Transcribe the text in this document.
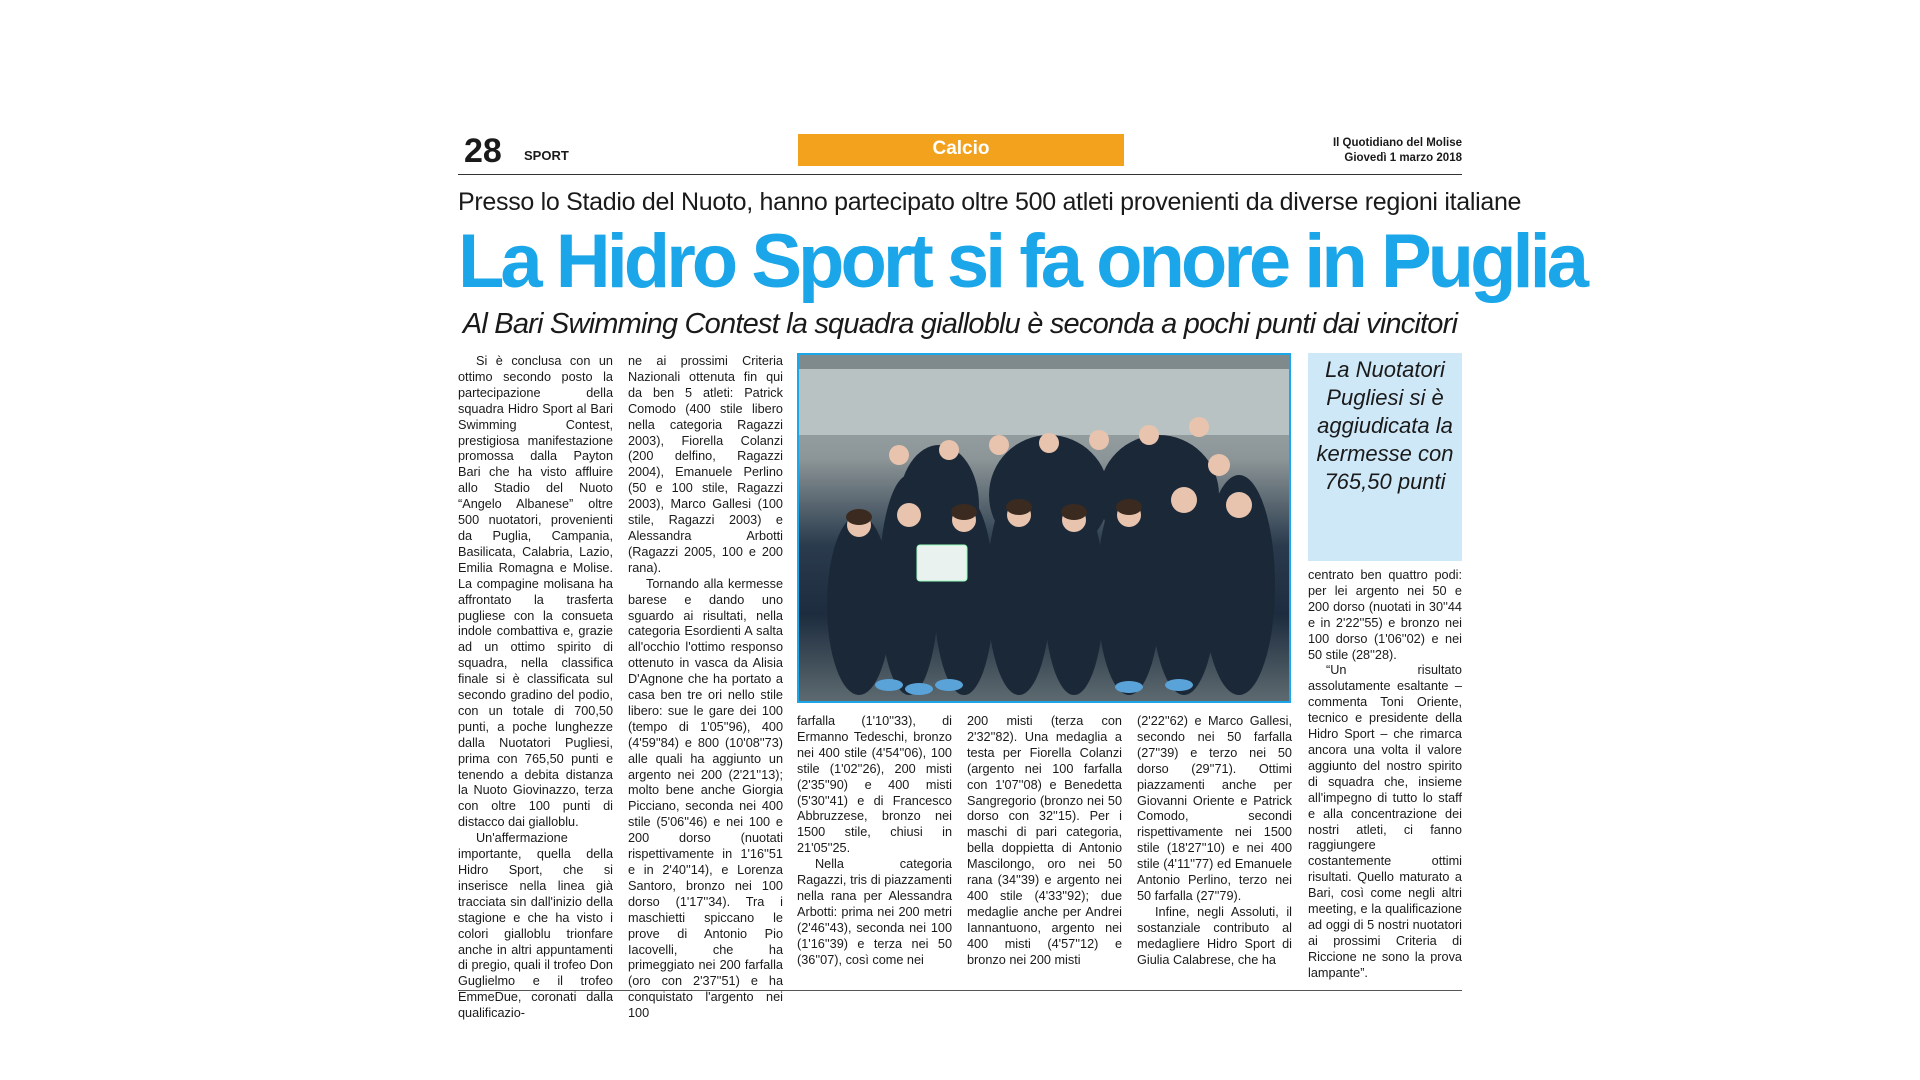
28 SPORT	Calcio	Il Quotidiano del Molise
Giovedì 1 marzo 2018
Presso lo Stadio del Nuoto, hanno partecipato oltre 500 atleti provenienti da diverse regioni italiane
La Hidro Sport si fa onore in Puglia
Al Bari Swimming Contest la squadra gialloblu è seconda a pochi punti dai vincitori

Si è conclusa con un ottimo secondo posto la partecipazione della squadra Hidro Sport al Bari Swimming Contest, prestigiosa manifestazione promossa dalla Payton Bari che ha visto affluire allo Stadio del Nuoto “Angelo Albanese” oltre 500 nuotatori, provenienti da Puglia, Campania, Basilicata, Calabria, Lazio, Emilia Romagna e Molise. La compagine molisana ha affrontato la trasferta pugliese con la consueta indole combattiva e, grazie ad un ottimo spirito di squadra, nella classifica finale si è classificata sul secondo gradino del podio, con un totale di 700,50 punti, a poche lunghezze dalla Nuotatori Pugliesi, prima con 765,50 punti e tenendo a debita distanza la Nuoto Giovinazzo, terza con oltre 100 punti di distacco dai gialloblu.

Un'affermazione importante, quella della Hidro Sport, che si inserisce nella linea già tracciata sin dall'inizio della stagione e che ha visto i colori gialloblu trionfare anche in altri appuntamenti di pregio, quali il trofeo Don Guglielmo e il trofeo EmmeDue, coronati dalla qualificazio-

ne ai prossimi Criteria Nazionali ottenuta fin qui da ben 5 atleti: Patrick Comodo (400 stile libero nella categoria Ragazzi 2003), Fiorella Colanzi (200 delfino, Ragazzi 2004), Emanuele Perlino (50 e 100 stile, Ragazzi 2003), Marco Gallesi (100 stile, Ragazzi 2003) e Alessandra Arbotti (Ragazzi 2005, 100 e 200 rana).

Tornando alla kermesse barese e dando uno sguardo ai risultati, nella categoria Esordienti A salta all'occhio l'ottimo responso ottenuto in vasca da Alisia D'Agnone che ha portato a casa ben tre ori nello stile libero: sue le gare dei 100 (tempo di 1'05''96), 400 (4'59''84) e 800 (10'08''73) alle quali ha aggiunto un argento nei 200 (2'21''13); molto bene anche Giorgia Picciano, seconda nei 400 stile (5'06''46) e nei 100 e 200 dorso (nuotati rispettivamente in 1'16''51 e in 2'40''14), e Lorenza Santoro, bronzo nei 100 dorso (1'17''34). Tra i maschietti spiccano le prove di Antonio Pio Iacovelli, che ha primeggiato nei 200 farfalla (oro con 2'37''51) e ha conquistato l'argento nei 100

La Nuotatori Pugliesi si è aggiudicata la kermesse con 765,50 punti

farfalla (1'10''33), di Ermanno Tedeschi, bronzo nei 400 stile (4'54''06), 100 stile (1'02''26), 200 misti (2'35''90) e 400 misti (5'30''41) e di Francesco Abbruzzese, bronzo nei 1500 stile, chiusi in 21'05''25.

Nella categoria Ragazzi, tris di piazzamenti nella rana per Alessandra Arbotti: prima nei 200 metri (2'46''43), seconda nei 100 (1'16''39) e terza nei 50 (36''07), così come nei

200 misti (terza con 2'32''82). Una medaglia a testa per Fiorella Colanzi (argento nei 100 farfalla con 1'07''08) e Benedetta Sangregorio (bronzo nei 50 dorso con 32''15). Per i maschi di pari categoria, bella doppietta di Antonio Mascilongo, oro nei 50 rana (34''39) e argento nei 400 stile (4'33''92); due medaglie anche per Andrei Iannantuono, argento nei 400 misti (4'57''12) e bronzo nei 200 misti

(2'22''62) e Marco Gallesi, secondo nei 50 farfalla (27''39) e terzo nei 50 dorso (29''71). Ottimi piazzamenti anche per Giovanni Oriente e Patrick Comodo, secondi rispettivamente nei 1500 stile (18'27''10) e nei 400 stile (4'11''77) ed Emanuele Antonio Perlino, terzo nei 50 farfalla (27''79).

Infine, negli Assoluti, il sostanziale contributo al medagliere Hidro Sport di Giulia Calabrese, che ha

centrato ben quattro podi: per lei argento nei 50 e 200 dorso (nuotati in 30''44 e in 2'22''55) e bronzo nei 100 dorso (1'06''02) e nei 50 stile (28''28).

“Un risultato assolutamente esaltante – commenta Toni Oriente, tecnico e presidente della Hidro Sport – che rimarca ancora una volta il valore aggiunto del nostro spirito di squadra che, insieme all'impegno di tutto lo staff e alla concentrazione dei nostri atleti, ci fanno raggiungere costantemente ottimi risultati. Quello maturato a Bari, così come negli altri meeting, e la qualificazione ad oggi di 5 nostri nuotatori ai prossimi Criteria di Riccione ne sono la prova lampante”.
